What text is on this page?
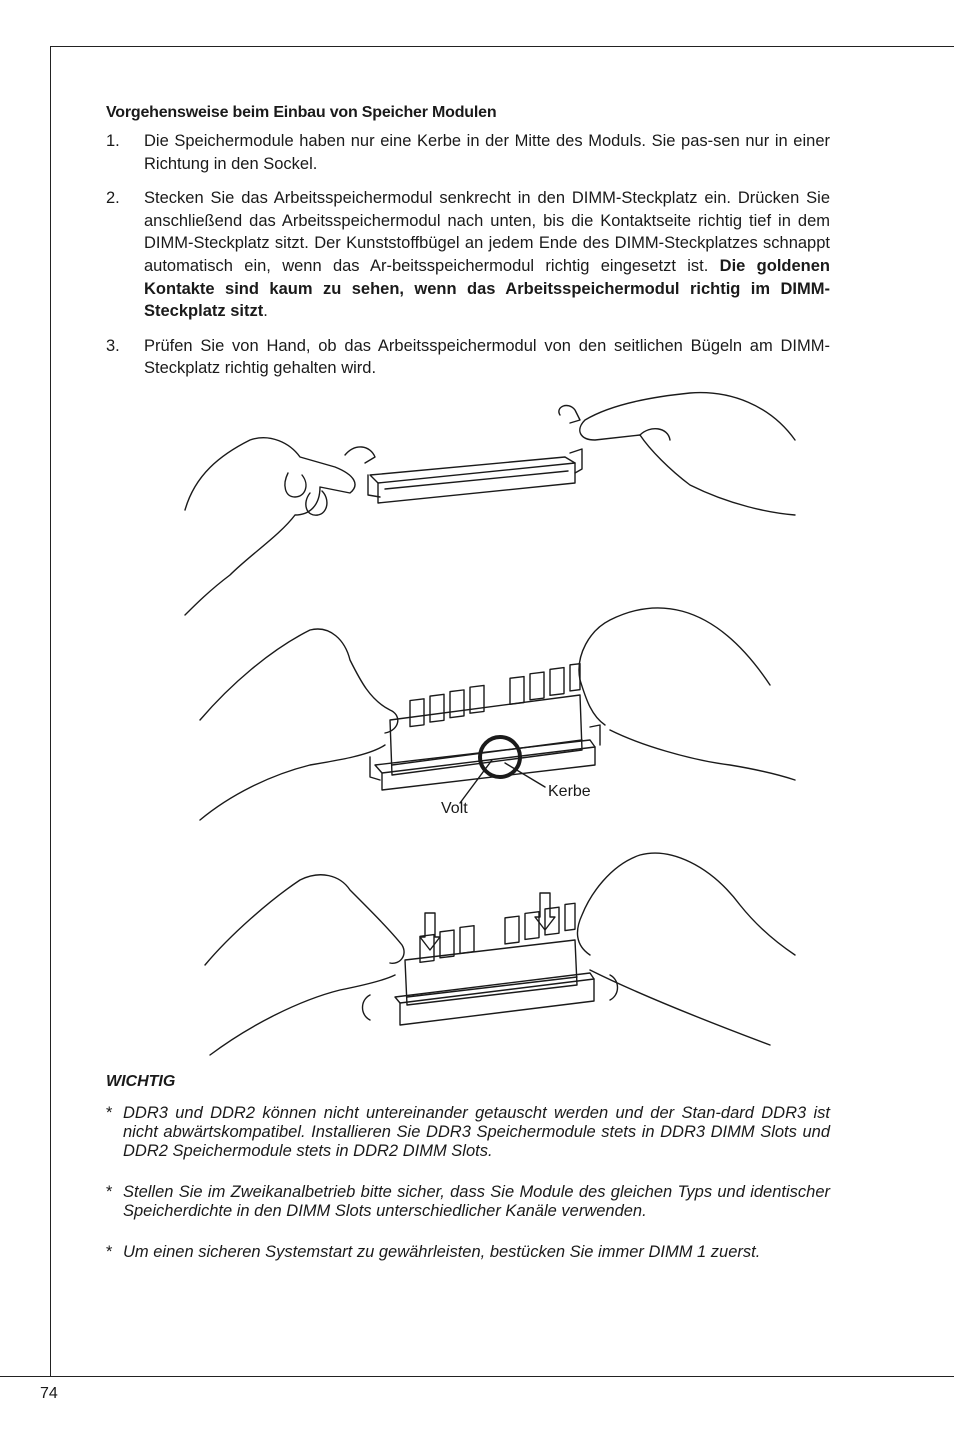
Vorgehensweise beim Einbau von Speicher Modulen
1.	Die Speichermodule haben nur eine Kerbe in der Mitte des Moduls. Sie pas-sen nur in einer Richtung in den Sockel.
2.	Stecken Sie das Arbeitsspeichermodul senkrecht in den DIMM-Steckplatz ein. Drücken Sie anschließend das Arbeitsspeichermodul nach unten, bis die Kontaktseite richtig tief in dem DIMM-Steckplatz sitzt. Der Kunststoffbügel an jedem Ende des DIMM-Steckplatzes schnappt automatisch ein, wenn das Ar-beitsspeichermodul richtig eingesetzt ist. Die goldenen Kontakte sind kaum zu sehen, wenn das Arbeitsspeichermodul richtig im DIMM-Steckplatz sitzt.
3.	Prüfen Sie von Hand, ob das Arbeitsspeichermodul von den seitlichen Bügeln am DIMM-Steckplatz richtig gehalten wird.
Volt
Kerbe
WICHTIG
* DDR3 und DDR2 können nicht untereinander getauscht werden und der Stan-dard DDR3 ist nicht abwärtskompatibel. Installieren Sie DDR3 Speichermodule stets in DDR3 DIMM Slots und DDR2 Speichermodule stets in DDR2 DIMM Slots.
* Stellen Sie im Zweikanalbetrieb bitte sicher, dass Sie Module des gleichen Typs und identischer Speicherdichte in den DIMM Slots unterschiedlicher Kanäle verwenden.
* Um einen sicheren Systemstart zu gewährleisten, bestücken Sie immer DIMM 1 zuerst.
74
